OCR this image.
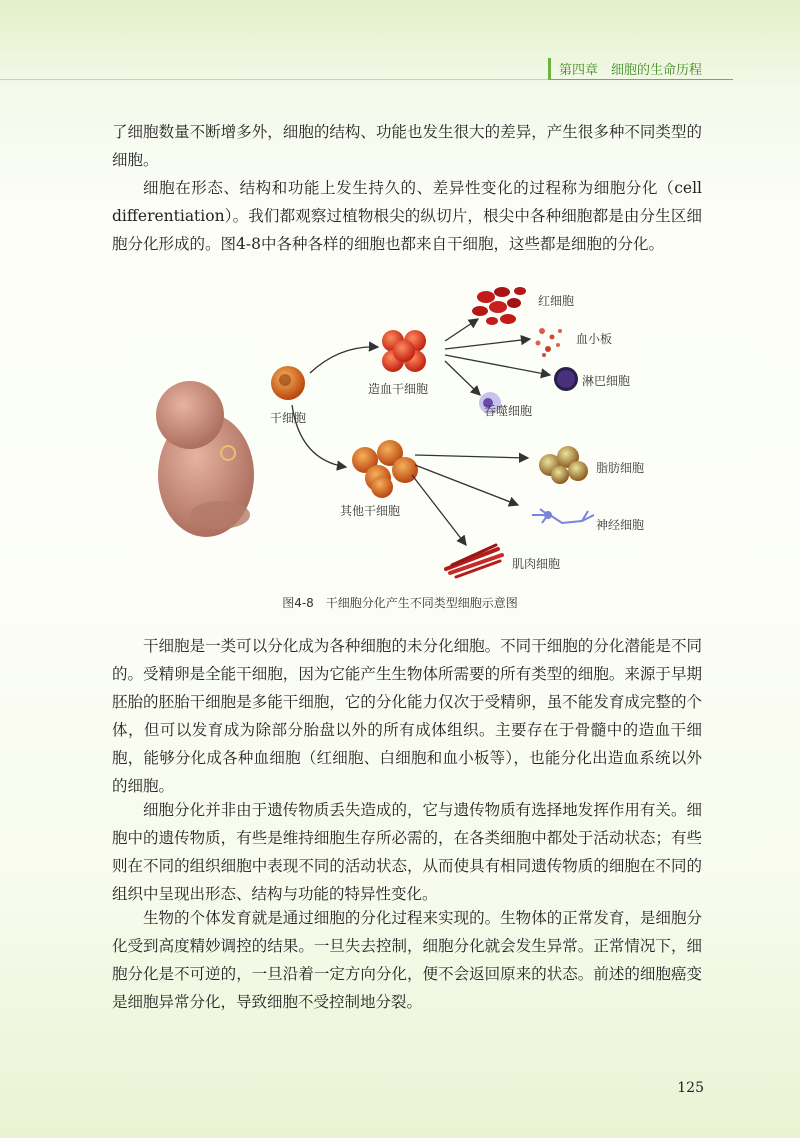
第四章　细胞的生命历程

了细胞数量不断增多外，细胞的结构、功能也发生很大的差异，产生很多种不同类型的细胞。

细胞在形态、结构和功能上发生持久的、差异性变化的过程称为细胞分化（cell differentiation）。我们都观察过植物根尖的纵切片，根尖中各种细胞都是由分生区细胞分化形成的。图4-8中各种各样的细胞也都来自干细胞，这些都是细胞的分化。

红细胞
血小板
淋巴细胞
吞噬细胞
造血干细胞
干细胞
其他干细胞
脂肪细胞
神经细胞
肌肉细胞
图4-8　干细胞分化产生不同类型细胞示意图

干细胞是一类可以分化成为各种细胞的未分化细胞。不同干细胞的分化潜能是不同的。受精卵是全能干细胞，因为它能产生生物体所需要的所有类型的细胞。来源于早期胚胎的胚胎干细胞是多能干细胞，它的分化能力仅次于受精卵，虽不能发育成完整的个体，但可以发育成为除部分胎盘以外的所有成体组织。主要存在于骨髓中的造血干细胞，能够分化成各种血细胞（红细胞、白细胞和血小板等），也能分化出造血系统以外的细胞。

细胞分化并非由于遗传物质丢失造成的，它与遗传物质有选择地发挥作用有关。细胞中的遗传物质，有些是维持细胞生存所必需的，在各类细胞中都处于活动状态；有些则在不同的组织细胞中表现不同的活动状态，从而使具有相同遗传物质的细胞在不同的组织中呈现出形态、结构与功能的特异性变化。

生物的个体发育就是通过细胞的分化过程来实现的。生物体的正常发育，是细胞分化受到高度精妙调控的结果。一旦失去控制，细胞分化就会发生异常。正常情况下，细胞分化是不可逆的，一旦沿着一定方向分化，便不会返回原来的状态。前述的细胞癌变是细胞异常分化，导致细胞不受控制地分裂。

125
